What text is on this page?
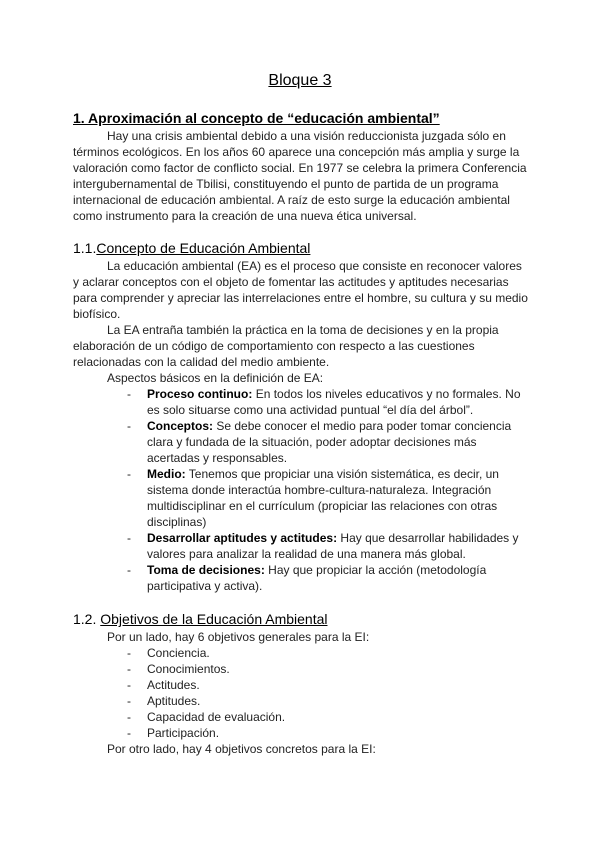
Bloque 3
1. Aproximación al concepto de “educación ambiental”

Hay una crisis ambiental debido a una visión reduccionista juzgada sólo en términos ecológicos. En los años 60 aparece una concepción más amplia y surge la valoración como factor de conflicto social. En 1977 se celebra la primera Conferencia intergubernamental de Tbilisi, constituyendo el punto de partida de un programa internacional de educación ambiental. A raíz de esto surge la educación ambiental como instrumento para la creación de una nueva ética universal.

1.1.Concepto de Educación Ambiental

La educación ambiental (EA) es el proceso que consiste en reconocer valores y aclarar conceptos con el objeto de fomentar las actitudes y aptitudes necesarias para comprender y apreciar las interrelaciones entre el hombre, su cultura y su medio biofísico.

La EA entraña también la práctica en la toma de decisiones y en la propia elaboración de un código de comportamiento con respecto a las cuestiones relacionadas con la calidad del medio ambiente.

Aspectos básicos en la definición de EA:

- Proceso continuo: En todos los niveles educativos y no formales. No es solo situarse como una actividad puntual “el día del árbol”.
- Conceptos: Se debe conocer el medio para poder tomar conciencia clara y fundada de la situación, poder adoptar decisiones más acertadas y responsables.
- Medio: Tenemos que propiciar una visión sistemática, es decir, un sistema donde interactúa hombre-cultura-naturaleza. Integración multidisciplinar en el currículum (propiciar las relaciones con otras disciplinas)
- Desarrollar aptitudes y actitudes: Hay que desarrollar habilidades y valores para analizar la realidad de una manera más global.
- Toma de decisiones: Hay que propiciar la acción (metodología participativa y activa).
1.2. Objetivos de la Educación Ambiental

Por un lado, hay 6 objetivos generales para la EI:

- Conciencia.
- Conocimientos.
- Actitudes.
- Aptitudes.
- Capacidad de evaluación.
- Participación.

Por otro lado, hay 4 objetivos concretos para la EI:
